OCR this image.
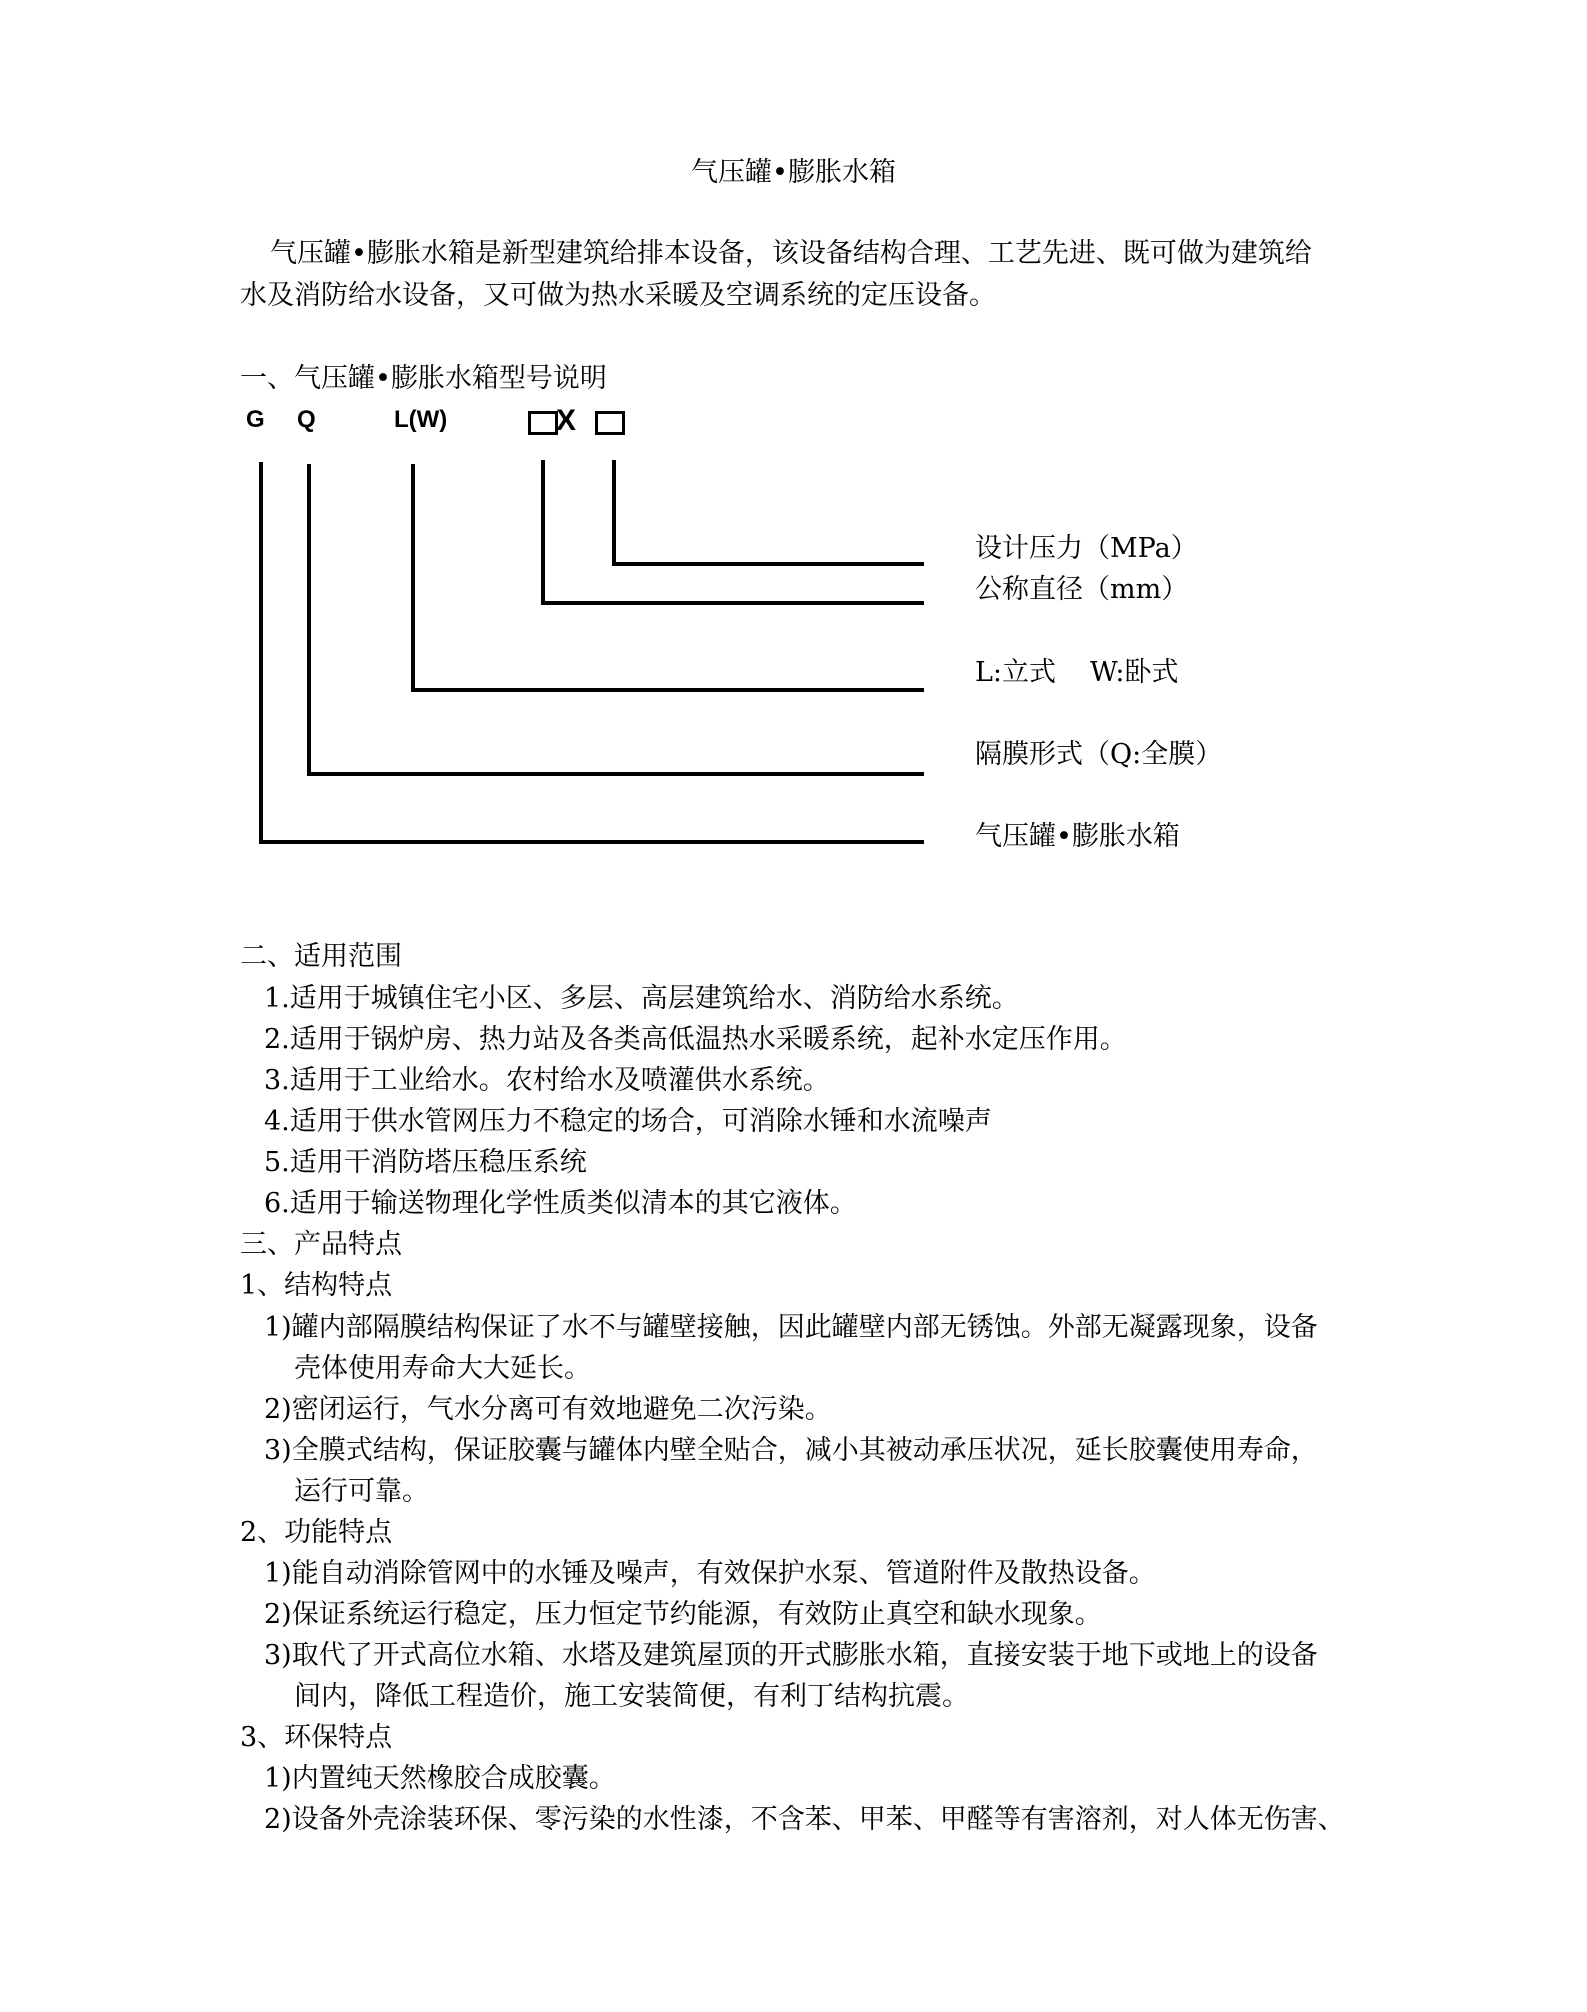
气压罐•膨胀水箱
气压罐•膨胀水箱是新型建筑给排本设备，该设备结构合理、工艺先进、既可做为建筑给
水及消防给水设备，又可做为热水采暖及空调系统的定压设备。
一、气压罐•膨胀水箱型号说明
G Q	L(W)	X
设计压力（MPa）
公称直径（mm）
L:立式 W:卧式
隔膜形式（Q:全膜）
气压罐•膨胀水箱
二、适用范围
1.适用于城镇住宅小区、多层、高层建筑给水、消防给水系统。
2.适用于锅炉房、热力站及各类高低温热水采暖系统，起补水定压作用。
3.适用于工业给水。农村给水及喷灌供水系统。
4.适用于供水管网压力不稳定的场合，可消除水锤和水流噪声
5.适用干消防塔压稳压系统
6.适用于输送物理化学性质类似清本的其它液体。
三、产品特点
1、结构特点
1)罐内部隔膜结构保证了水不与罐壁接触，因此罐壁内部无锈蚀。外部无凝露现象，设备
壳体使用寿命大大延长。
2)密闭运行，气水分离可有效地避免二次污染。
3)全膜式结构，保证胶囊与罐体内壁全贴合，减小其被动承压状况，延长胶囊使用寿命，
运行可靠。
2、功能特点
1)能自动消除管网中的水锤及噪声，有效保护水泵、管道附件及散热设备。
2)保证系统运行稳定，压力恒定节约能源，有效防止真空和缺水现象。
3)取代了开式高位水箱、水塔及建筑屋顶的开式膨胀水箱，直接安装于地下或地上的设备
间内，降低工程造价，施工安装简便，有利丁结构抗震。
3、环保特点
1)内置纯天然橡胶合成胶囊。
2)设备外壳涂装环保、零污染的水性漆，不含苯、甲苯、甲醛等有害溶剂，对人体无伤害、
